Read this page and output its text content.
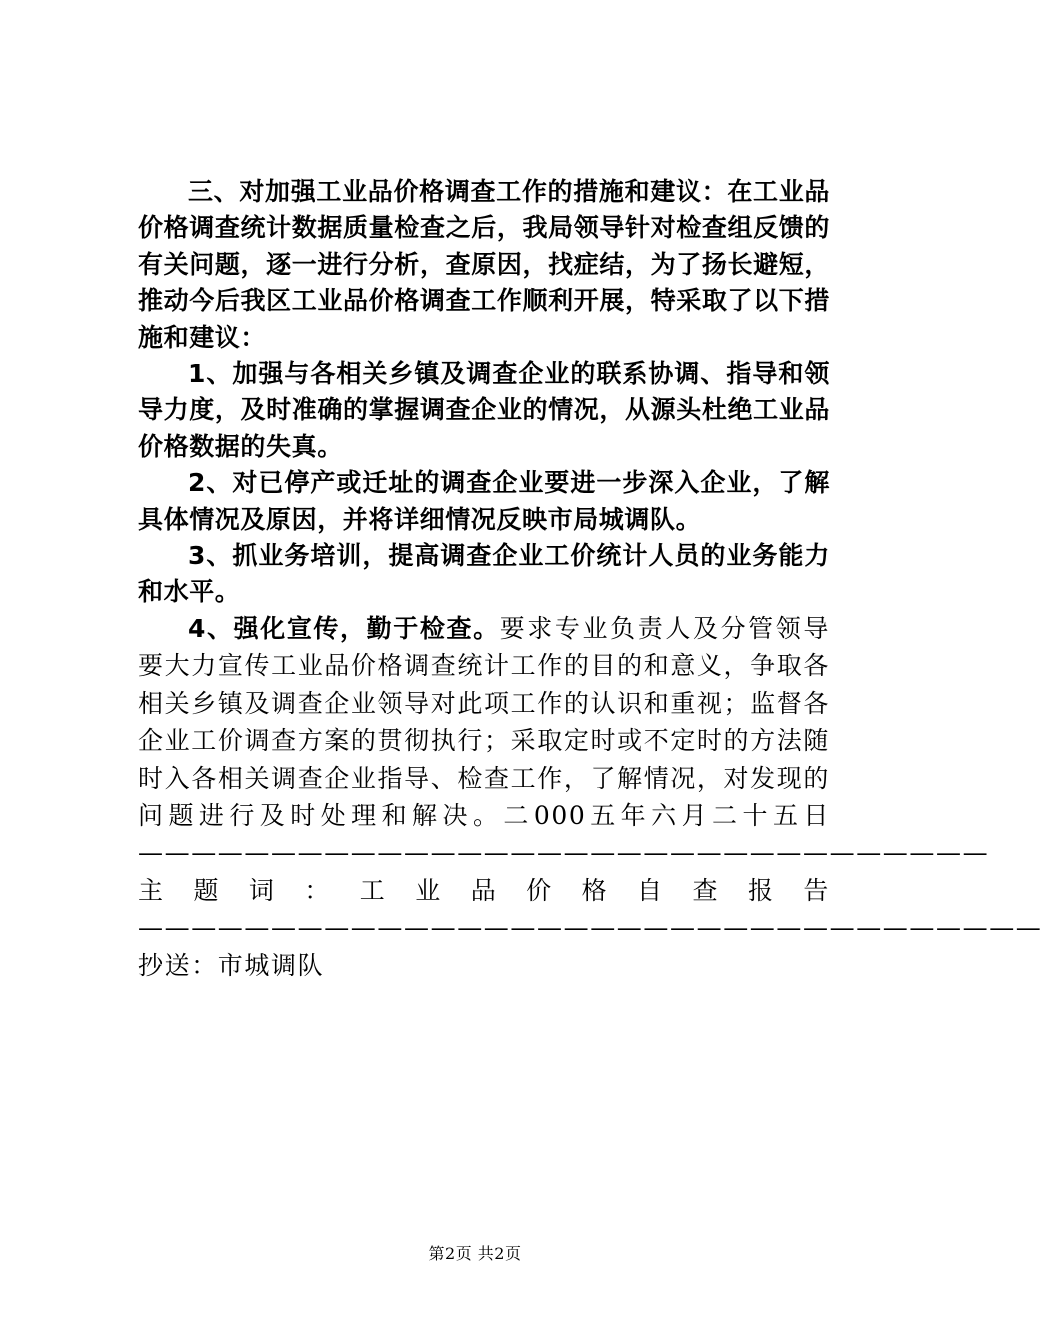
三、对加强工业品价格调查工作的措施和建议：在工业品价格调查统计数据质量检查之后，我局领导针对检查组反馈的有关问题，逐一进行分析，查原因，找症结，为了扬长避短，推动今后我区工业品价格调查工作顺利开展，特采取了以下措施和建议：

1、加强与各相关乡镇及调查企业的联系协调、指导和领导力度，及时准确的掌握调查企业的情况，从源头杜绝工业品价格数据的失真。

2、对已停产或迁址的调查企业要进一步深入企业，了解具体情况及原因，并将详细情况反映市局城调队。

3、抓业务培训，提高调查企业工价统计人员的业务能力和水平。

4、强化宣传，勤于检查。要求专业负责人及分管领导要大力宣传工业品价格调查统计工作的目的和意义，争取各相关乡镇及调查企业领导对此项工作的认识和重视；监督各企业工价调查方案的贯彻执行；采取定时或不定时的方法随时入各相关调查企业指导、检查工作，了解情况，对发现的问题进行及时处理和解决。二000五年六月二十五日————————————————————————————————主题词：工业品价格自查报告——————————————————————————————————抄送：市城调队

第2页 共2页
